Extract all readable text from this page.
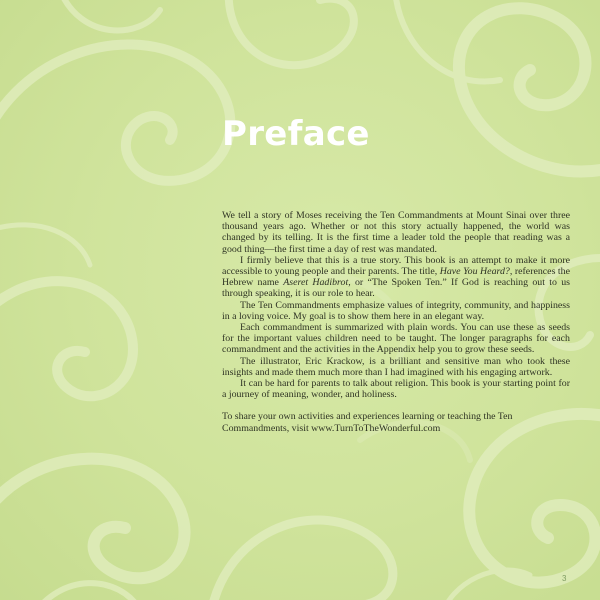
Preface

We tell a story of Moses receiving the Ten Commandments at Mount Sinai over three thousand years ago. Whether or not this story actually happened, the world was changed by its telling. It is the first time a leader told the people that reading was a good thing—the first time a day of rest was mandated.

I firmly believe that this is a true story. This book is an attempt to make it more accessible to young people and their parents. The title, Have You Heard?, references the Hebrew name Aseret Hadibrot, or “The Spoken Ten.” If God is reaching out to us through speaking, it is our role to hear.

The Ten Commandments emphasize values of integrity, community, and happiness in a loving voice. My goal is to show them here in an elegant way.

Each commandment is summarized with plain words. You can use these as seeds for the important values children need to be taught. The longer paragraphs for each commandment and the activities in the Appendix help you to grow these seeds.

The illustrator, Eric Krackow, is a brilliant and sensitive man who took these insights and made them much more than I had imagined with his engaging artwork.

It can be hard for parents to talk about religion. This book is your starting point for a journey of meaning, wonder, and holiness.

To share your own activities and experiences learning or teaching the Ten Commandments, visit www.TurnToTheWonderful.com

3
